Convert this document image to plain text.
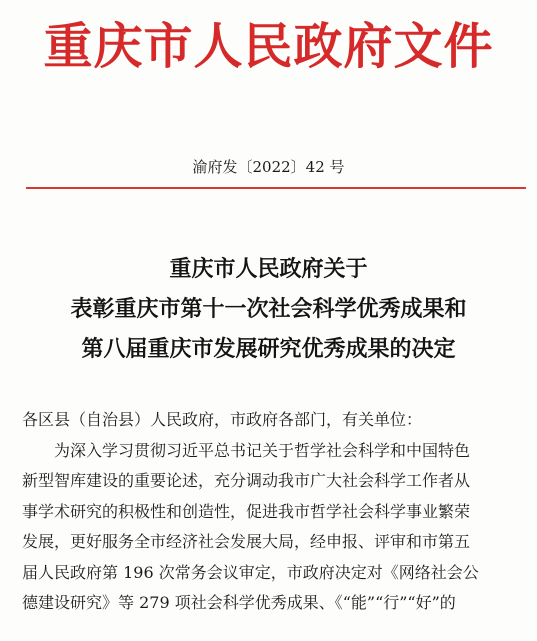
重庆市人民政府文件
渝府发〔2022〕42 号
重庆市人民政府关于
表彰重庆市第十一次社会科学优秀成果和
第八届重庆市发展研究优秀成果的决定

各区县（自治县）人民政府，市政府各部门，有关单位：

　　为深入学习贯彻习近平总书记关于哲学社会科学和中国特色

新型智库建设的重要论述，充分调动我市广大社会科学工作者从

事学术研究的积极性和创造性，促进我市哲学社会科学事业繁荣

发展，更好服务全市经济社会发展大局，经申报、评审和市第五

届人民政府第 196 次常务会议审定，市政府决定对《网络社会公

德建设研究》等 279 项社会科学优秀成果、《“能”“行”“好”的
